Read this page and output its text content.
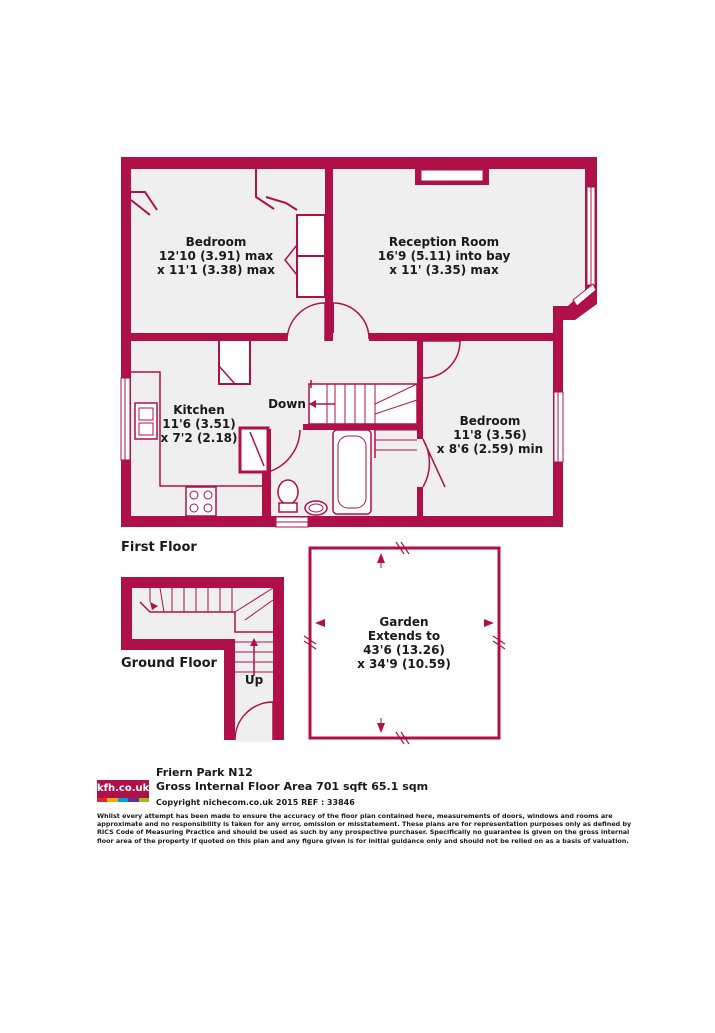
Bedroom
12'10 (3.91) max
x 11'1 (3.38) max
Reception Room
16'9 (5.11) into bay
x 11' (3.35) max
Kitchen
11'6 (3.51)
x 7'2 (2.18)
Down
Bedroom
11'8 (3.56)
x 8'6 (2.59) min
First Floor
Up
Ground Floor
Garden
Extends to
43'6 (13.26)
x 34'9 (10.59)
kfh.co.uk
Friern Park N12
Gross Internal Floor Area 701 sqft 65.1 sqm
Copyright nichecom.co.uk 2015 REF : 33846
Whilst every attempt has been made to ensure the accuracy of the floor plan contained here, measurements of doors, windows and rooms are approximate and no responsibility is taken for any error, omission or misstatement. These plans are for representation purposes only as defined by RICS Code of Measuring Practice and should be used as such by any prospective purchaser. Specifically no guarantee is given on the gross internal floor area of the property if quoted on this plan and any figure given is for initial guidance only and should not be relied on as a basis of valuation.
